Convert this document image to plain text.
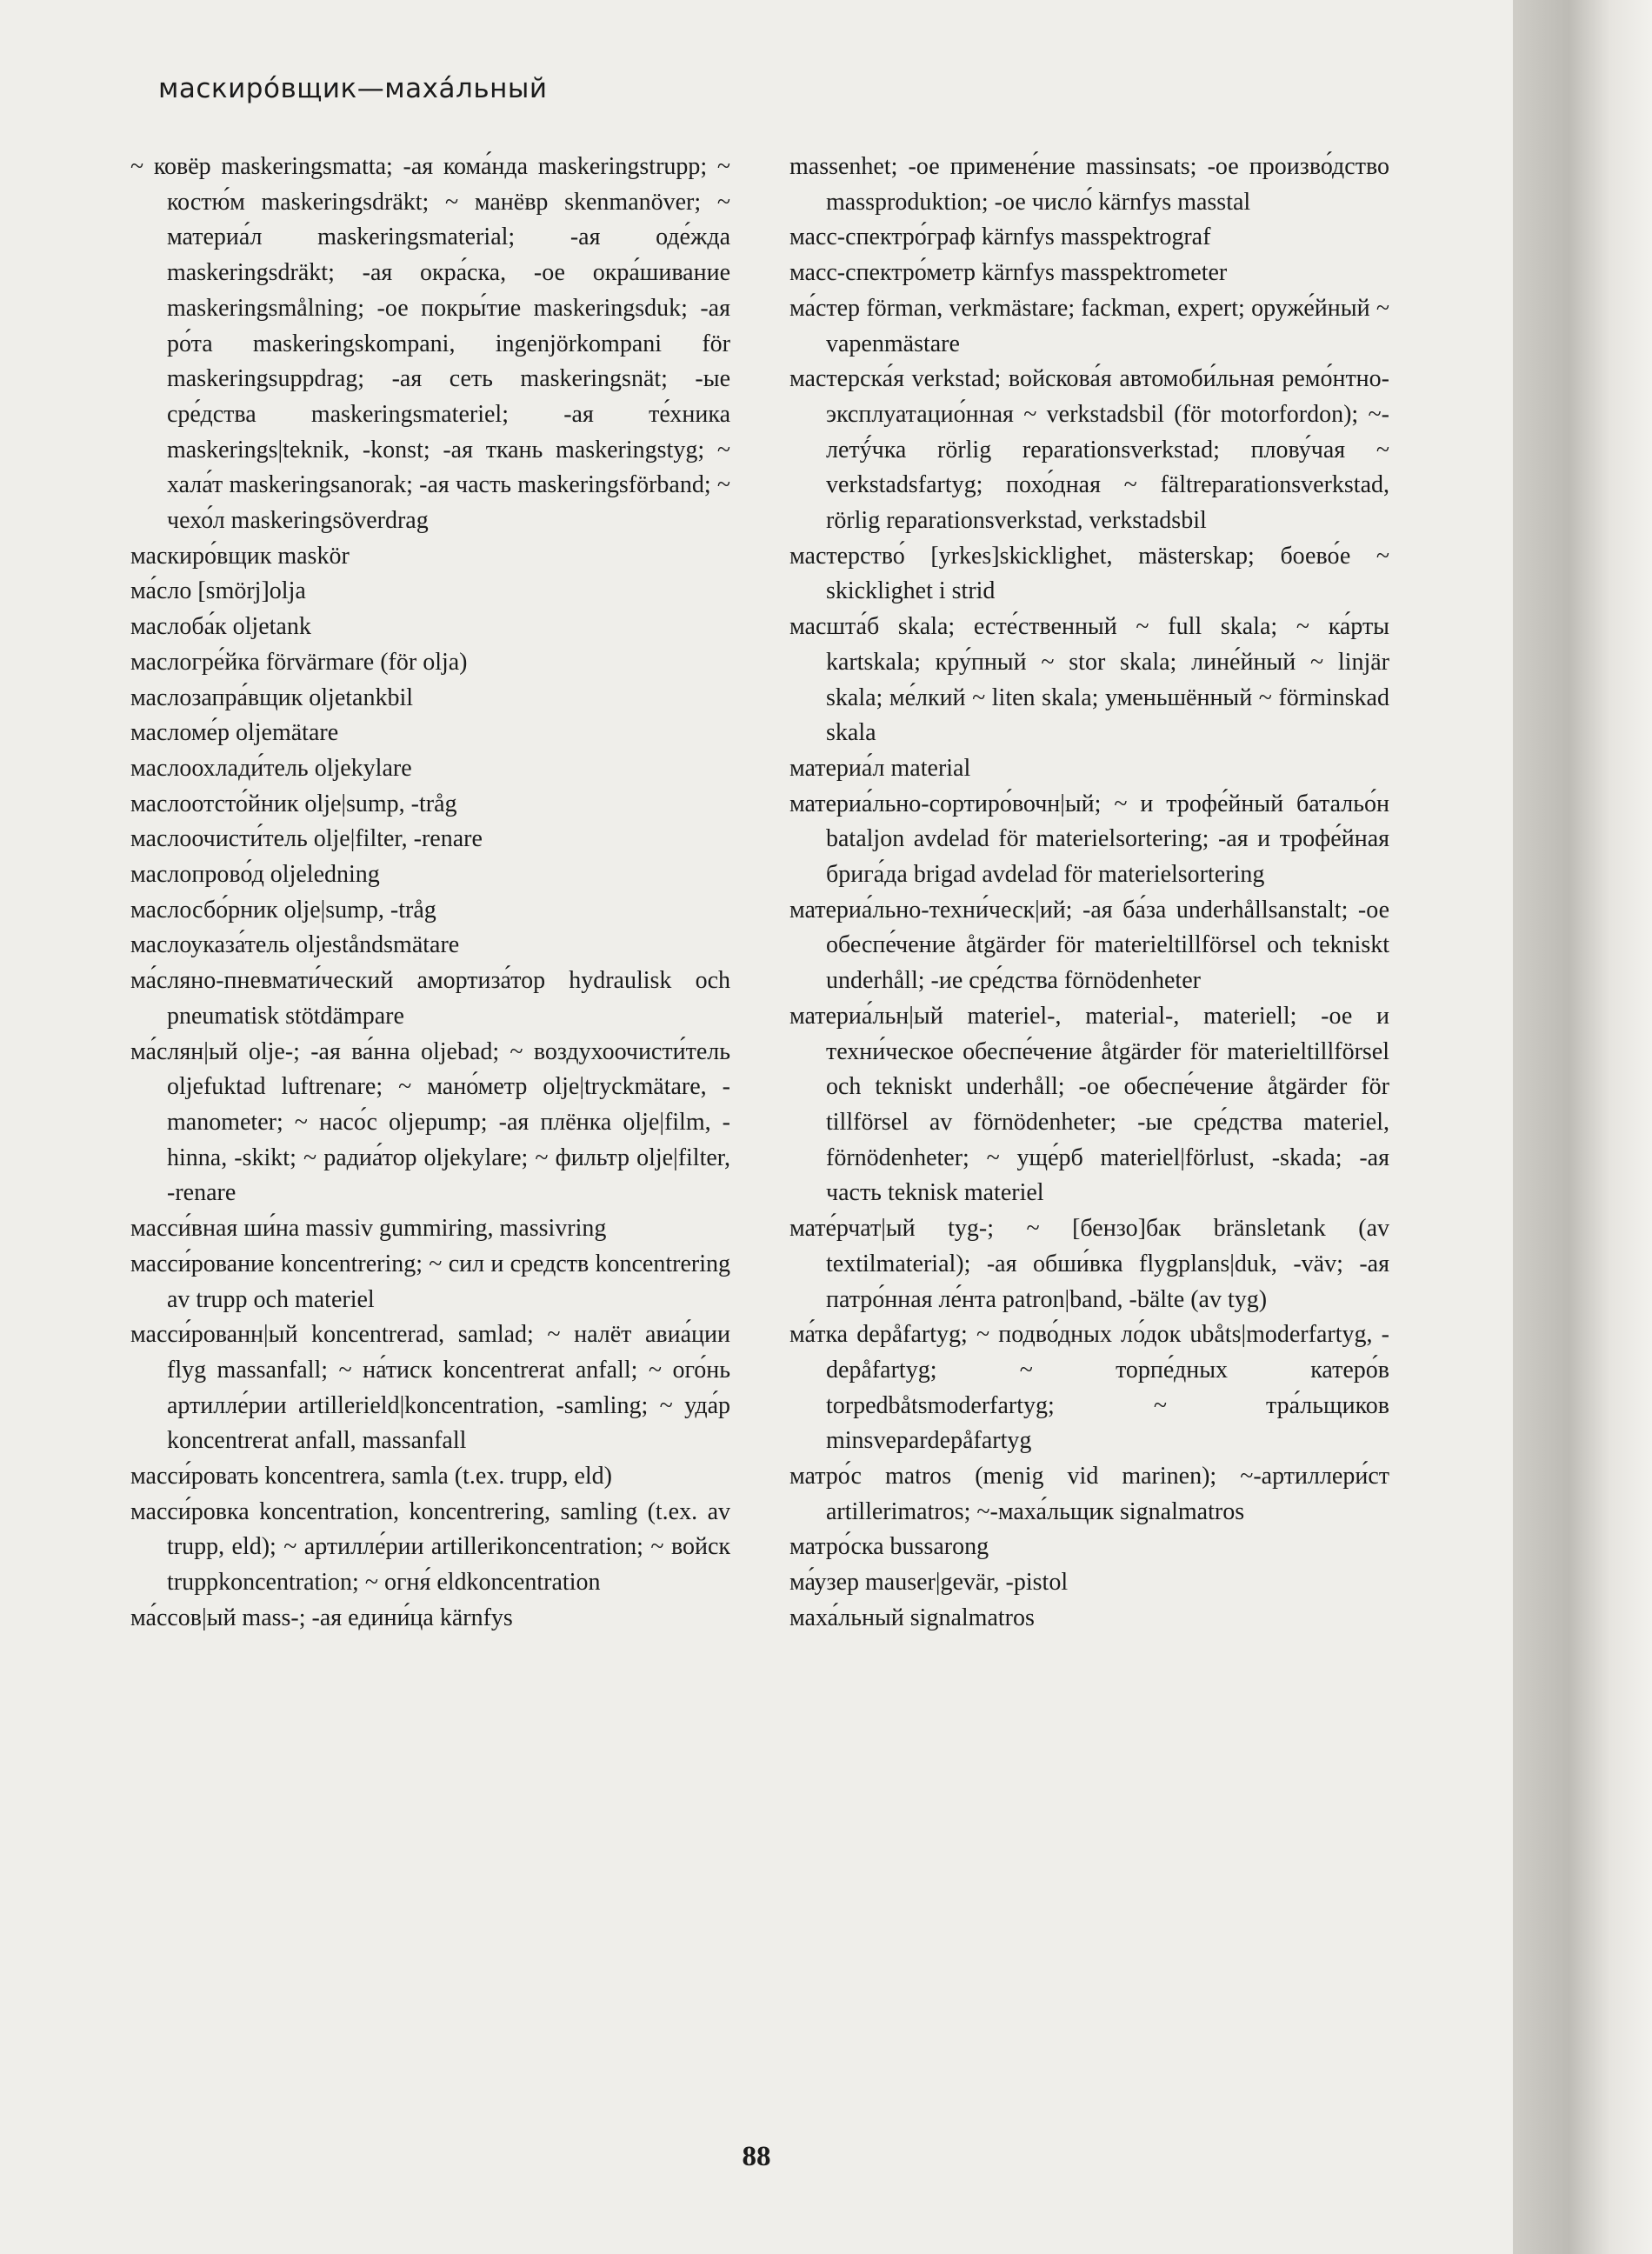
маскиро́вщик—маха́льный
~ ковёр maskeringsmatta; -ая кома́нда maskeringstrupp; ~ костю́м maskeringsdräkt; ~ манёвр skenmanöver; ~ материа́л maskeringsmaterial; -ая оде́жда maskeringsdräkt; -ая окра́ска, -ое окра́шивание maskeringsmålning; -ое покры́тие maskeringsduk; -ая ро́та maskeringskompani, ingenjörkompani för maskeringsuppdrag; -ая сеть maskeringsnät; -ые сре́дства maskeringsmateriel; -ая те́хника maskerings|teknik, -konst; -ая ткань maskeringstyg; ~ хала́т maskeringsanorak; -ая часть maskeringsförband; ~ чехо́л maskeringsöverdrag
маскиро́вщик maskör
ма́сло [smörj]olja
маслоба́к oljetank
маслогре́йка förvärmare (för olja)
маслозапра́вщик oljetankbil
масломе́р oljemätare
маслоохлади́тель oljekylare
маслоотсто́йник olje|sump, -tråg
маслоочисти́тель olje|filter, -renare
маслопрово́д oljeledning
маслосбо́рник olje|sump, -tråg
маслоуказа́тель oljeståndsmätare
ма́сляно-пневмати́ческий амортиза́тор hydraulisk och pneumatisk stötdämpare
ма́слян|ый olje-; -ая ва́нна oljebad; ~ воздухоочисти́тель oljefuktad luftrenare; ~ мано́метр olje|tryckmätare, -manometer; ~ насо́с oljepump; -ая плёнка olje|film, -hinna, -skikt; ~ радиа́тор oljekylare; ~ фильтр olje|filter, -renare
масси́вная ши́на massiv gummiring, massivring
масси́рование koncentrering; ~ сил и средств koncentrering av trupp och materiel
масси́рованн|ый koncentrerad, samlad; ~ налёт авиа́ции flyg massanfall; ~ на́тиск koncentrerat anfall; ~ ого́нь артилле́рии artillerield|koncentration, -samling; ~ уда́р koncentrerat anfall, massanfall
масси́ровать koncentrera, samla (t.ex. trupp, eld)
масси́ровка koncentration, koncentrering, samling (t.ex. av trupp, eld); ~ артилле́рии artillerikoncentration; ~ войск truppkoncentration; ~ огня́ eldkoncentration
ма́ссов|ый mass-; -ая едини́ца kärnfys
massenhet; -ое примене́ние massinsats; -ое произво́дство massproduktion; -ое число́ kärnfys masstal
масс-спектро́граф kärnfys masspektrograf
масс-спектро́метр kärnfys masspektrometer
ма́стер förman, verkmästare; fackman, expert; оруже́йный ~ vapenmästare
мастерска́я verkstad; войскова́я автомоби́льная ремо́нтно-эксплуатацио́нная ~ verkstadsbil (för motorfordon); ~-летý́чка rörlig reparationsverkstad; плову́чая ~ verkstadsfartyg; похо́дная ~ fältreparationsverkstad, rörlig reparationsverkstad, verkstadsbil
мастерство́ [yrkes]skicklighet, mästerskap; боево́е ~ skicklighet i strid
масшта́б skala; есте́ственный ~ full skala; ~ ка́рты kartskala; кру́пный ~ stor skala; лине́йный ~ linjär skala; ме́лкий ~ liten skala; уменьшённый ~ förminskad skala
материа́л material
материа́льно-сортиро́вочн|ый; ~ и трофе́йный батальо́н bataljon avdelad för materielsortering; -ая и трофе́йная брига́да brigad avdelad för materielsortering
материа́льно-техни́ческ|ий; -ая ба́за underhållsanstalt; -ое обеспе́чение åtgärder för materieltillförsel och tekniskt underhåll; -ие сре́дства förnödenheter
материа́льн|ый materiel-, material-, materiell; -ое и техни́ческое обеспе́чение åtgärder för materieltillförsel och tekniskt underhåll; -ое обеспе́чение åtgärder för tillförsel av förnödenheter; -ые сре́дства materiel, förnödenheter; ~ уще́рб materiel|förlust, -skada; -ая часть teknisk materiel
мате́рчат|ый tyg-; ~ [бензо]бак bränsletank (av textilmaterial); -ая обши́вка flygplans|duk, -väv; -ая патро́нная ле́нта patron|band, -bälte (av tyg)
ма́тка depåfartyg; ~ подво́дных ло́док ubåts|moderfartyg, -depåfartyg; ~ торпе́дных катеро́в torpedbåtsmoderfartyg; ~ тра́льщиков minsvepardepåfartyg
матро́с matros (menig vid marinen); ~-артиллери́ст artillerimatros; ~-маха́льщик signalmatros
матро́ска bussarong
ма́узер mauser|gevär, -pistol
маха́льный signalmatros
88
